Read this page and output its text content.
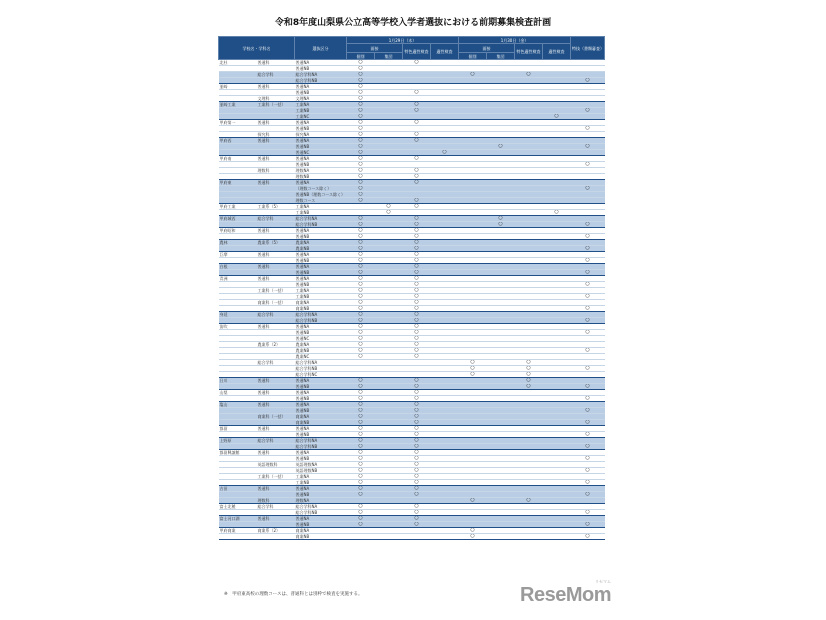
令和8年度山梨県公立高等学校入学者選抜における前期募集検査計画
学校名・学科名		選抜区分	1月29日（木）				1月30日（金）				特技（書類審査）
			面接		特色適性検査	適性検査	面接		特色適性検査	適性検査	
			個別	集団			個別	集団			
北杜	普通科	普通NA	○		○						
		普通NB	○								
	総合学科	総合学科NA	○				○		○		
		総合学科NB	○								○
韮崎	普通科	普通NA	○								
		普通NB	○		○						
	文理科	文理NA	○								
韮崎工業	工業科（一括）	工業NA	○		○						
		工業NB	○		○						○
		工業NC	○							○	
甲府第一	普通科	普通NA	○		○						
		普通NB	○								○
	探究科	探究NA	○		○						
甲府西	普通科	普通NA	○		○						
		普通NB	○					○			○
		普通NC	○			○					
甲府南	普通科	普通NA	○		○						
		普通NB	○								○
	理数科	理数NA	○		○						
		理数NB	○		○						
甲府東	普通科	普通NA	○		○						
		（理数コース除く）	○								○
		普通NB（理数コース除く）	○								
		理数コース	○		○						
甲府工業	工業系（5）	工業NA		○	○						
		工業NB		○						○	
甲府城西	総合学科	総合学科NA	○		○			○			
		総合学科NB	○		○			○			○
甲府昭和	普通科	普通NA	○		○						
		普通NB	○		○						○
農林	農業系（5）	農業NA	○		○						
		農業NB	○		○						○
巨摩	普通科	普通NA	○		○						
		普通NB	○		○						○
白根	普通科	普通NA	○		○						
		普通NB	○		○						○
青洲	普通科	普通NA	○		○						
		普通NB	○		○						○
	工業科（一括）	工業NA	○		○						
		工業NB	○		○						○
	商業科（一括）	商業NA	○		○						
		商業NB	○		○						○
身延	総合学科	総合学科NA	○		○						
		総合学科NB	○		○						○
笛吹	普通科	普通NA	○		○						
		普通NB	○		○						○
		普通NC	○		○						
	農業系（2）	農業NA	○		○						
		農業NB	○		○						○
		農業NC	○		○						
	総合学科	総合学科NA					○		○		
		総合学科NB					○		○		○
		総合学科NC					○		○		
日川	普通科	普通NA	○		○				○		
		普通NB	○		○				○		○
山梨	普通科	普通NA	○		○						
		普通NB	○		○						○
塩山	普通科	普通NA	○		○						
		普通NB	○		○						○
	商業科（一括）	商業NA	○		○						
		商業NB	○		○						○
都留	普通科	普通NA	○		○						
		普通NB	○		○						○
上野原	総合学科	総合学科NA	○		○						
		総合学科NB	○		○						○
都留興譲館	普通科	普通NA	○		○						
		普通NB	○		○						○
	英語理数科	英語理数NA	○		○						
		英語理数NB	○		○						○
	工業科（一括）	工業NA	○		○						
		工業NB	○		○						○
吉田	普通科	普通NA	○		○						
		普通NB	○		○						○
	理数科	理数NA					○		○		
富士北稜	総合学科	総合学科NA	○		○						
		総合学科NB	○		○						○
富士河口湖	普通科	普通NA	○		○						
		普通NB	○		○						○
甲府商業	商業系（2）	商業NA					○				
		商業NB					○				○
※　甲府東高校の理数コースは、普通科とは別枠で検査を実施する。	ReseMom
リセマム
